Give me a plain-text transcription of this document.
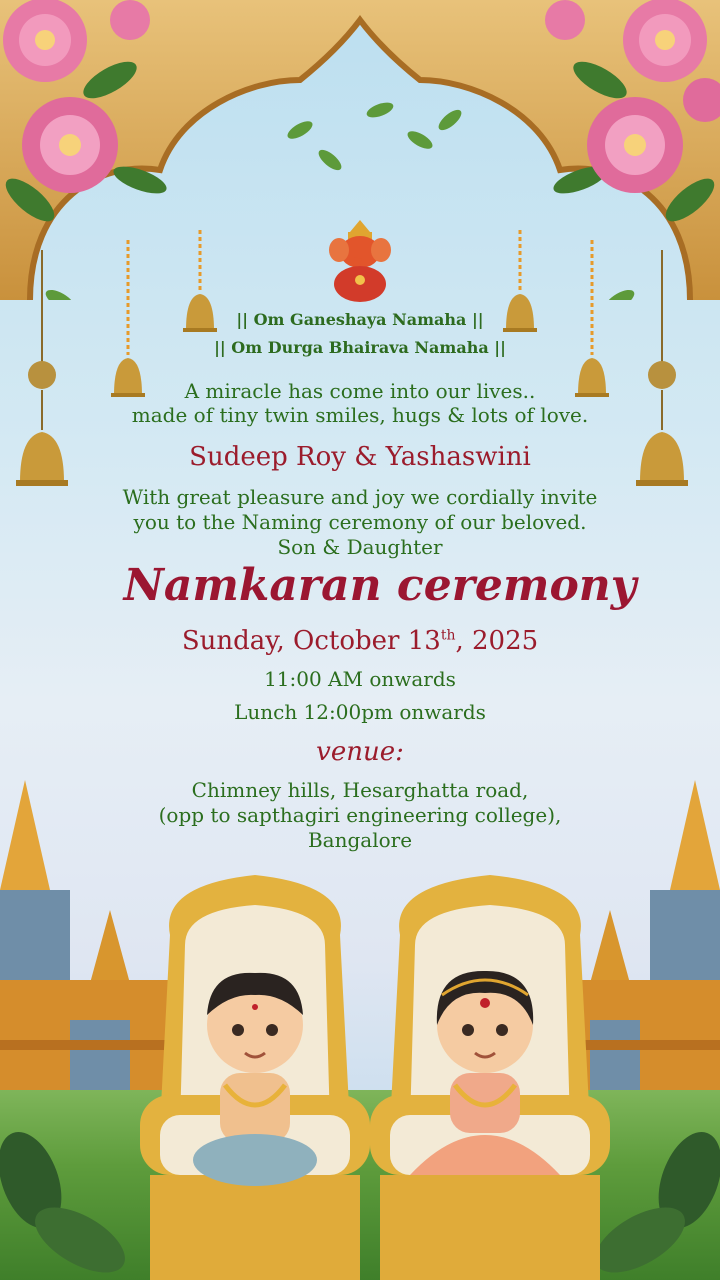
|| Om Ganeshaya Namaha ||
|| Om Durga Bhairava Namaha ||
A miracle has come into our lives..
made of tiny twin smiles, hugs & lots of love.
Sudeep Roy & Yashaswini
With great pleasure and joy we cordially invite
you to the Naming ceremony of our beloved.
Son & Daughter
Namkaran ceremony
Sunday, October 13th, 2025
11:00 AM onwards
Lunch 12:00pm onwards
venue:
Chimney hills, Hesarghatta road,
(opp to sapthagiri engineering college),
Bangalore
